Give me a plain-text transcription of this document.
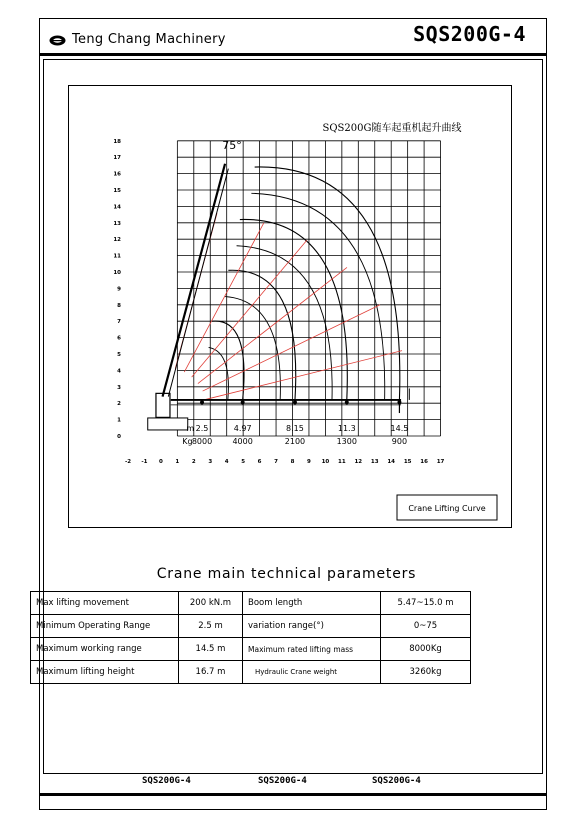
Teng Chang Machinery	SQS200G-4
-2 -1 0 1 2 3 4 5 6 7 8 9 10 11 12 13 14 15 16 17
0
1
2
3
4
5
6
7
8
9
10
11
12
13
14
15
16
17
18
m
Kg
2.5
8000
4.97
4000
8.15
2100
11.3
1300
14.5
900
SQS200G随车起重机起升曲线
75°
Crane Lifting Curve
Crane main technical parameters
Max lifting movement	200 kN.m	Boom length	5.47~15.0 m
Minimum Operating Range	2.5 m	variation range(°)	0~75
Maximum working range	14.5 m	Maximum rated lifting mass	8000Kg
Maximum lifting height	16.7 m	Hydraulic Crane weight	3260kg
SQS200G-4	SQS200G-4	SQS200G-4
